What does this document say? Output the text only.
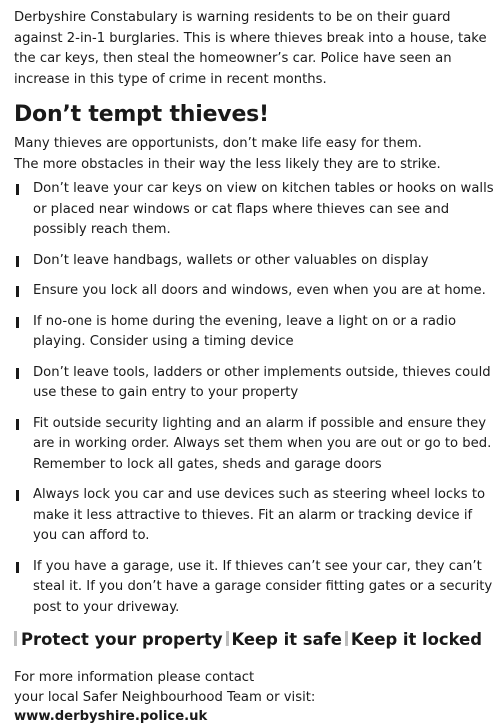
Derbyshire Constabulary is warning residents to be on their guard against 2-in-1 burglaries. This is where thieves break into a house, take the car keys, then steal the homeowner’s car. Police have seen an increase in this type of crime in recent months.

Don’t tempt thieves!
Many thieves are opportunists, don’t make life easy for them.
The more obstacles in their way the less likely they are to strike.
Don’t leave your car keys on view on kitchen tables or hooks on walls or placed near windows or cat flaps where thieves can see and possibly reach them.
Don’t leave handbags, wallets or other valuables on display
Ensure you lock all doors and windows, even when you are at home.
If no-one is home during the evening, leave a light on or a radio playing. Consider using a timing device
Don’t leave tools, ladders or other implements outside, thieves could use these to gain entry to your property
Fit outside security lighting and an alarm if possible and ensure they are in working order. Always set them when you are out or go to bed. Remember to lock all gates, sheds and garage doors
Always lock you car and use devices such as steering wheel locks to make it less attractive to thieves. Fit an alarm or tracking device if you can afford to.
If you have a garage, use it. If thieves can’t see your car, they can’t steal it. If you don’t have a garage consider fitting gates or a security post to your driveway.
Protect your property Keep it safe Keep it locked
For more information please contact
your local Safer Neighbourhood Team or visit:
www.derbyshire.police.uk
